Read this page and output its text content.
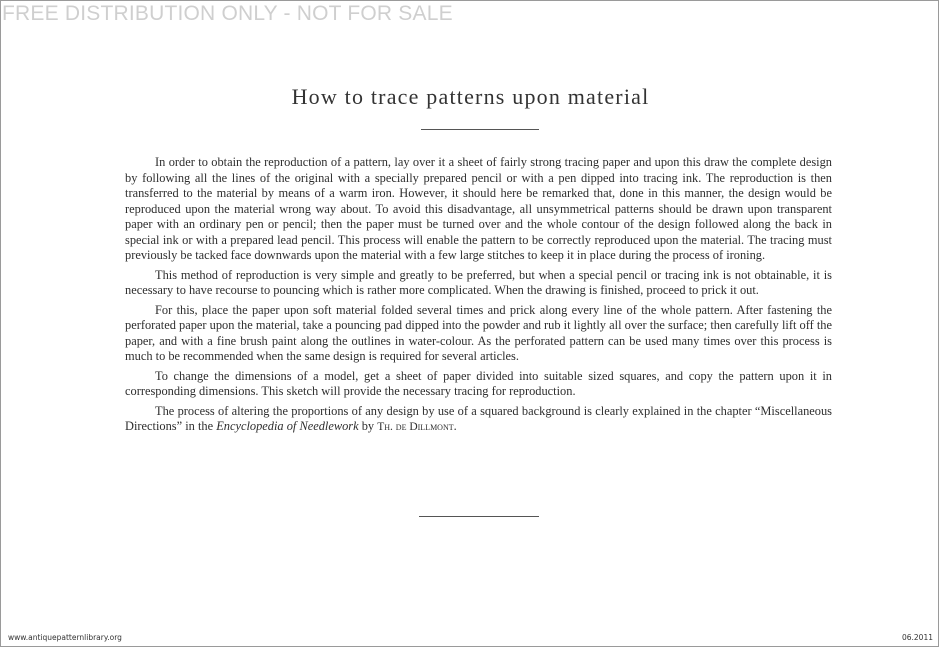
FREE DISTRIBUTION ONLY - NOT FOR SALE
How to trace patterns upon material

In order to obtain the reproduction of a pattern, lay over it a sheet of fairly strong tracing paper and upon this draw the complete design by following all the lines of the original with a specially prepared pencil or with a pen dipped into tracing ink. The reproduction is then transferred to the material by means of a warm iron. However, it should here be remarked that, done in this manner, the design would be reproduced upon the material wrong way about. To avoid this disadvantage, all unsymmetrical patterns should be drawn upon transparent paper with an ordinary pen or pencil; then the paper must be turned over and the whole contour of the design followed along the back in special ink or with a prepared lead pencil. This process will enable the pattern to be correctly reproduced upon the material. The tracing must previously be tacked face downwards upon the material with a few large stitches to keep it in place during the process of ironing.

This method of reproduction is very simple and greatly to be preferred, but when a special pencil or tracing ink is not obtainable, it is necessary to have recourse to pouncing which is rather more complicated. When the drawing is finished, proceed to prick it out.

For this, place the paper upon soft material folded several times and prick along every line of the whole pattern. After fastening the perforated paper upon the material, take a pouncing pad dipped into the powder and rub it lightly all over the surface; then carefully lift off the paper, and with a fine brush paint along the outlines in water-colour. As the perforated pattern can be used many times over this process is much to be recommended when the same design is required for several articles.

To change the dimensions of a model, get a sheet of paper divided into suitable sized squares, and copy the pattern upon it in corresponding dimensions. This sketch will provide the necessary tracing for reproduction.

The process of altering the proportions of any design by use of a squared background is clearly explained in the chapter “Miscellaneous Directions” in the Encyclopedia of Needlework by Th. de Dillmont.

www.antiquepatternlibrary.org	06.2011
